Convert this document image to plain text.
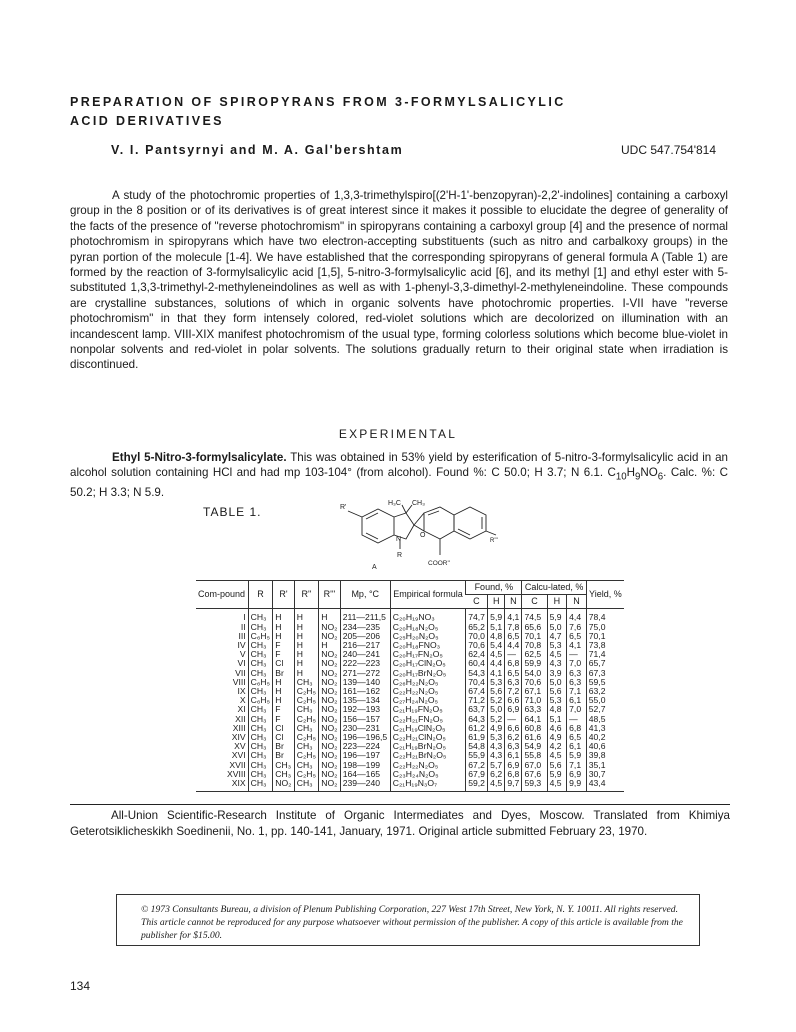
PREPARATION OF SPIROPYRANS FROM 3-FORMYLSALICYLIC
ACID DERIVATIVES
V. I. Pantsyrnyi and M. A. Gal'bershtam	UDC 547.754'814
A study of the photochromic properties of 1,3,3-trimethylspiro[(2'H-1'-benzopyran)-2,2'-indolines] containing a carboxyl group in the 8 position or of its derivatives is of great interest since it makes it possible to elucidate the degree of generality of the facts of the presence of "reverse photochromism" in spiropyrans containing a carboxyl group [4] and the presence of normal photochromism in spiropyrans which have two electron-accepting substituents (such as nitro and carbalkoxy groups) in the pyran portion of the molecule [1-4]. We have established that the corresponding spiropyrans of general formula A (Table 1) are formed by the reaction of 3-formylsalicylic acid [1,5], 5-nitro-3-formylsalicylic acid [6], and its methyl [1] and ethyl ester with 5-substituted 1,3,3-trimethyl-2-methyleneindolines as well as with 1-phenyl-3,3-dimethyl-2-methyleneindoline. These compounds are crystalline substances, solutions of which in organic solvents have photochromic properties. I-VII have "reverse photochromism" in that they form intensely colored, red-violet solutions which are decolorized on illumination with an incandescent lamp. VIII-XIX manifest photochromism of the usual type, forming colorless solutions which become blue-violet in nonpolar solvents and red-violet in polar solvents. The solutions gradually return to their original state when irradiation is discontinued.
EXPERIMENTAL
Ethyl 5-Nitro-3-formylsalicylate. This was obtained in 53% yield by esterification of 5-nitro-3-formylsalicylic acid in an alcohol solution containing HCl and had mp 103-104° (from alcohol). Found %: C 50.0; H 3.7; N 6.1. $C_{10}H_9NO_6$. Calc. %: C 50.2; H 3.3; N 5.9.
TABLE 1.	R'
H₃C CH₃
N
O
R
R'''
A
COOR''
Com-pound	R	R'	R''	R'''	Mp, °C	Empirical formula	Found, %			Calcu-lated, %			Yield, %
							C	H	N	C	H	N	
I	CH₃	H	H	H	211—211,5	C₂₀H₁₉NO₃	74,7	5,9	4,1	74,5	5,9	4,4	78,4
II	CH₃	H	H	NO₂	234—235	C₂₀H₁₈N₂O₅	65,2	5,1	7,8	65,6	5,0	7,6	75,0
III	C₆H₅	H	H	NO₂	205—206	C₂₅H₂₀N₂O₅	70,0	4,8	6,5	70,1	4,7	6,5	70,1
IV	CH₃	F	H	H	216—217	C₂₀H₁₈FNO₃	70,6	5,4	4,4	70,8	5,3	4,1	73,8
V	CH₃	F	H	NO₂	240—241	C₂₀H₁₇FN₂O₅	62,4	4,5	—	62,5	4,5	—	71,4
VI	CH₃	Cl	H	NO₂	222—223	C₂₀H₁₇ClN₂O₅	60,4	4,4	6,8	59,9	4,3	7,0	65,7
VII	CH₃	Br	H	NO₂	271—272	C₂₀H₁₇BrN₂O₅	54,3	4,1	6,5	54,0	3,9	6,3	67,3
VIII	C₆H₅	H	CH₃	NO₂	139—140	C₂₆H₂₂N₂O₅	70,4	5,3	6,3	70,6	5,0	6,3	59,5
IX	CH₃	H	C₂H₅	NO₂	161—162	C₂₂H₂₂N₂O₅	67,4	5,6	7,2	67,1	5,6	7,1	63,2
X	C₆H₅	H	C₂H₅	NO₂	135—134	C₂₇H₂₄N₂O₅	71,2	5,2	6,6	71,0	5,3	6,1	55,0
XI	CH₃	F	CH₃	NO₂	192—193	C₂₁H₁₉FN₂O₅	63,7	5,0	6,9	63,3	4,8	7,0	52,7
XII	CH₃	F	C₂H₅	NO₂	156—157	C₂₂H₂₁FN₂O₅	64,3	5,2	—	64,1	5,1	—	48,5
XIII	CH₃	Cl	CH₃	NO₂	230—231	C₂₁H₁₉ClN₂O₅	61,2	4,9	6,6	60,8	4,6	6,8	41,3
XIV	CH₃	Cl	C₂H₅	NO₂	196—196,5	C₂₂H₂₁ClN₂O₅	61,9	5,3	6,2	61,6	4,9	6,5	40,2
XV	CH₃	Br	CH₃	NO₂	223—224	C₂₁H₁₉BrN₂O₅	54,8	4,3	6,3	54,9	4,2	6,1	40,6
XVI	CH₃	Br	C₂H₅	NO₂	196—197	C₂₂H₂₁BrN₂O₅	55,9	4,3	6,1	55,8	4,5	5,9	39,8
XVII	CH₃	CH₃	CH₃	NO₂	198—199	C₂₂H₂₂N₂O₅	67,2	5,7	6,9	67,0	5,6	7,1	35,1
XVIII	CH₃	CH₃	C₂H₅	NO₂	164—165	C₂₃H₂₄N₂O₅	67,9	6,2	6,8	67,6	5,9	6,9	30,7
XIX	CH₃	NO₂	CH₃	NO₂	239—240	C₂₁H₁₉N₃O₇	59,2	4,5	9,7	59,3	4,5	9,9	43,4
All-Union Scientific-Research Institute of Organic Intermediates and Dyes, Moscow. Translated from Khimiya Geterotsiklicheskikh Soedinenii, No. 1, pp. 140-141, January, 1971. Original article submitted February 23, 1970.
© 1973 Consultants Bureau, a division of Plenum Publishing Corporation, 227 West 17th Street, New York, N. Y. 10011. All rights reserved. This article cannot be reproduced for any purpose whatsoever without permission of the publisher. A copy of this article is available from the publisher for $15.00.
134
